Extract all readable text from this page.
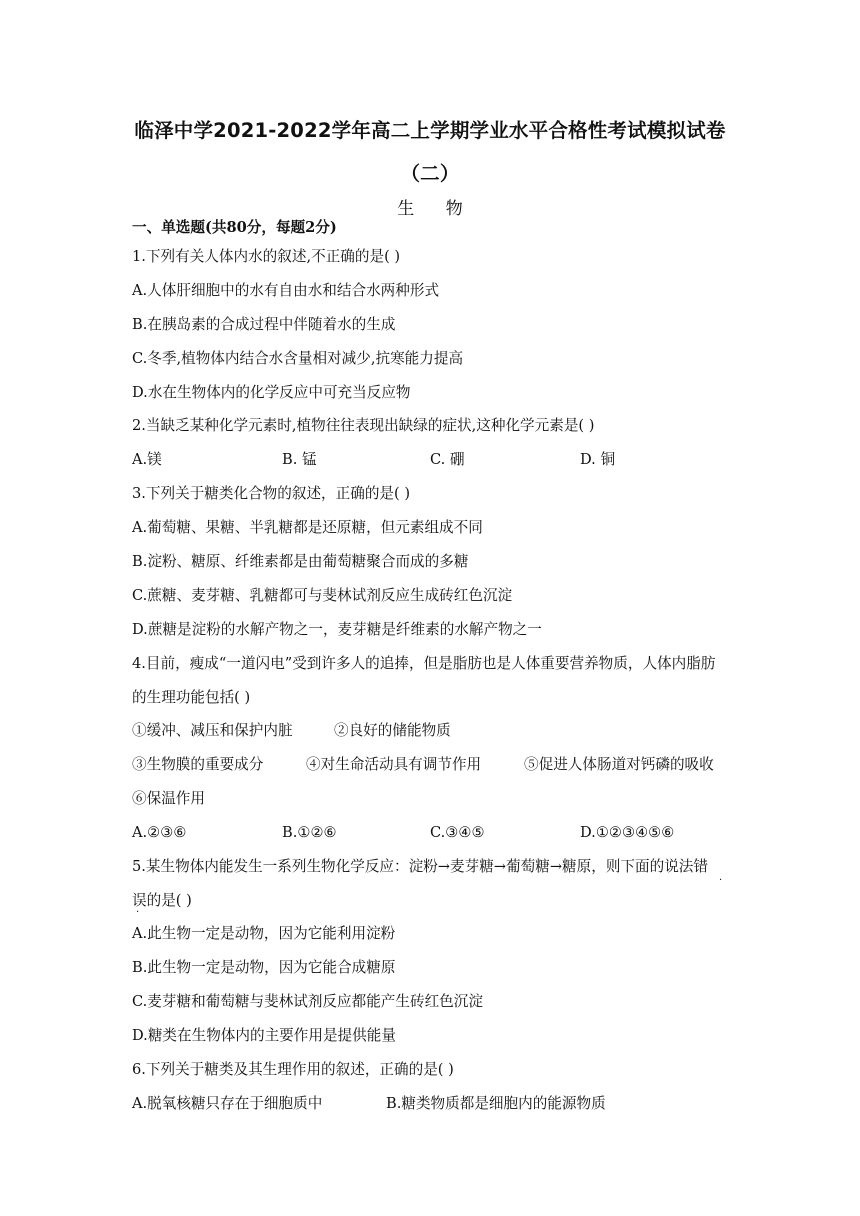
临泽中学2021-2022学年高二上学期学业水平合格性考试模拟试卷
（二）
生 物
一、单选题(共80分，每题2分)
1.下列有关人体内水的叙述,不正确的是( )
A.人体肝细胞中的水有自由水和结合水两种形式
B.在胰岛素的合成过程中伴随着水的生成
C.冬季,植物体内结合水含量相对减少,抗寒能力提高
D.水在生物体内的化学反应中可充当反应物
2.当缺乏某种化学元素时,植物往往表现出缺绿的症状,这种化学元素是( )
A.镁	B. 锰	C. 硼	D. 铜
3.下列关于糖类化合物的叙述，正确的是( )
A.葡萄糖、果糖、半乳糖都是还原糖，但元素组成不同
B.淀粉、糖原、纤维素都是由葡萄糖聚合而成的多糖
C.蔗糖、麦芽糖、乳糖都可与斐林试剂反应生成砖红色沉淀
D.蔗糖是淀粉的水解产物之一，麦芽糖是纤维素的水解产物之一
4.目前，瘦成“一道闪电”受到许多人的追捧，但是脂肪也是人体重要营养物质，人体内脂肪
的生理功能包括( )
①缓冲、减压和保护内脏	②良好的储能物质
③生物膜的重要成分	④对生命活动具有调节作用	⑤促进人体肠道对钙磷的吸收
⑥保温作用
A.②③⑥	B.①②⑥	C.③④⑤	D.①②③④⑤⑥
5.某生物体内能发生一系列生物化学反应：淀粉→麦芽糖→葡萄糖→糖原，则下面的说法错
·
误的是( )
·
A.此生物一定是动物，因为它能利用淀粉
B.此生物一定是动物，因为它能合成糖原
C.麦芽糖和葡萄糖与斐林试剂反应都能产生砖红色沉淀
D.糖类在生物体内的主要作用是提供能量
6.下列关于糖类及其生理作用的叙述，正确的是( )
A.脱氧核糖只存在于细胞质中	B.糖类物质都是细胞内的能源物质
